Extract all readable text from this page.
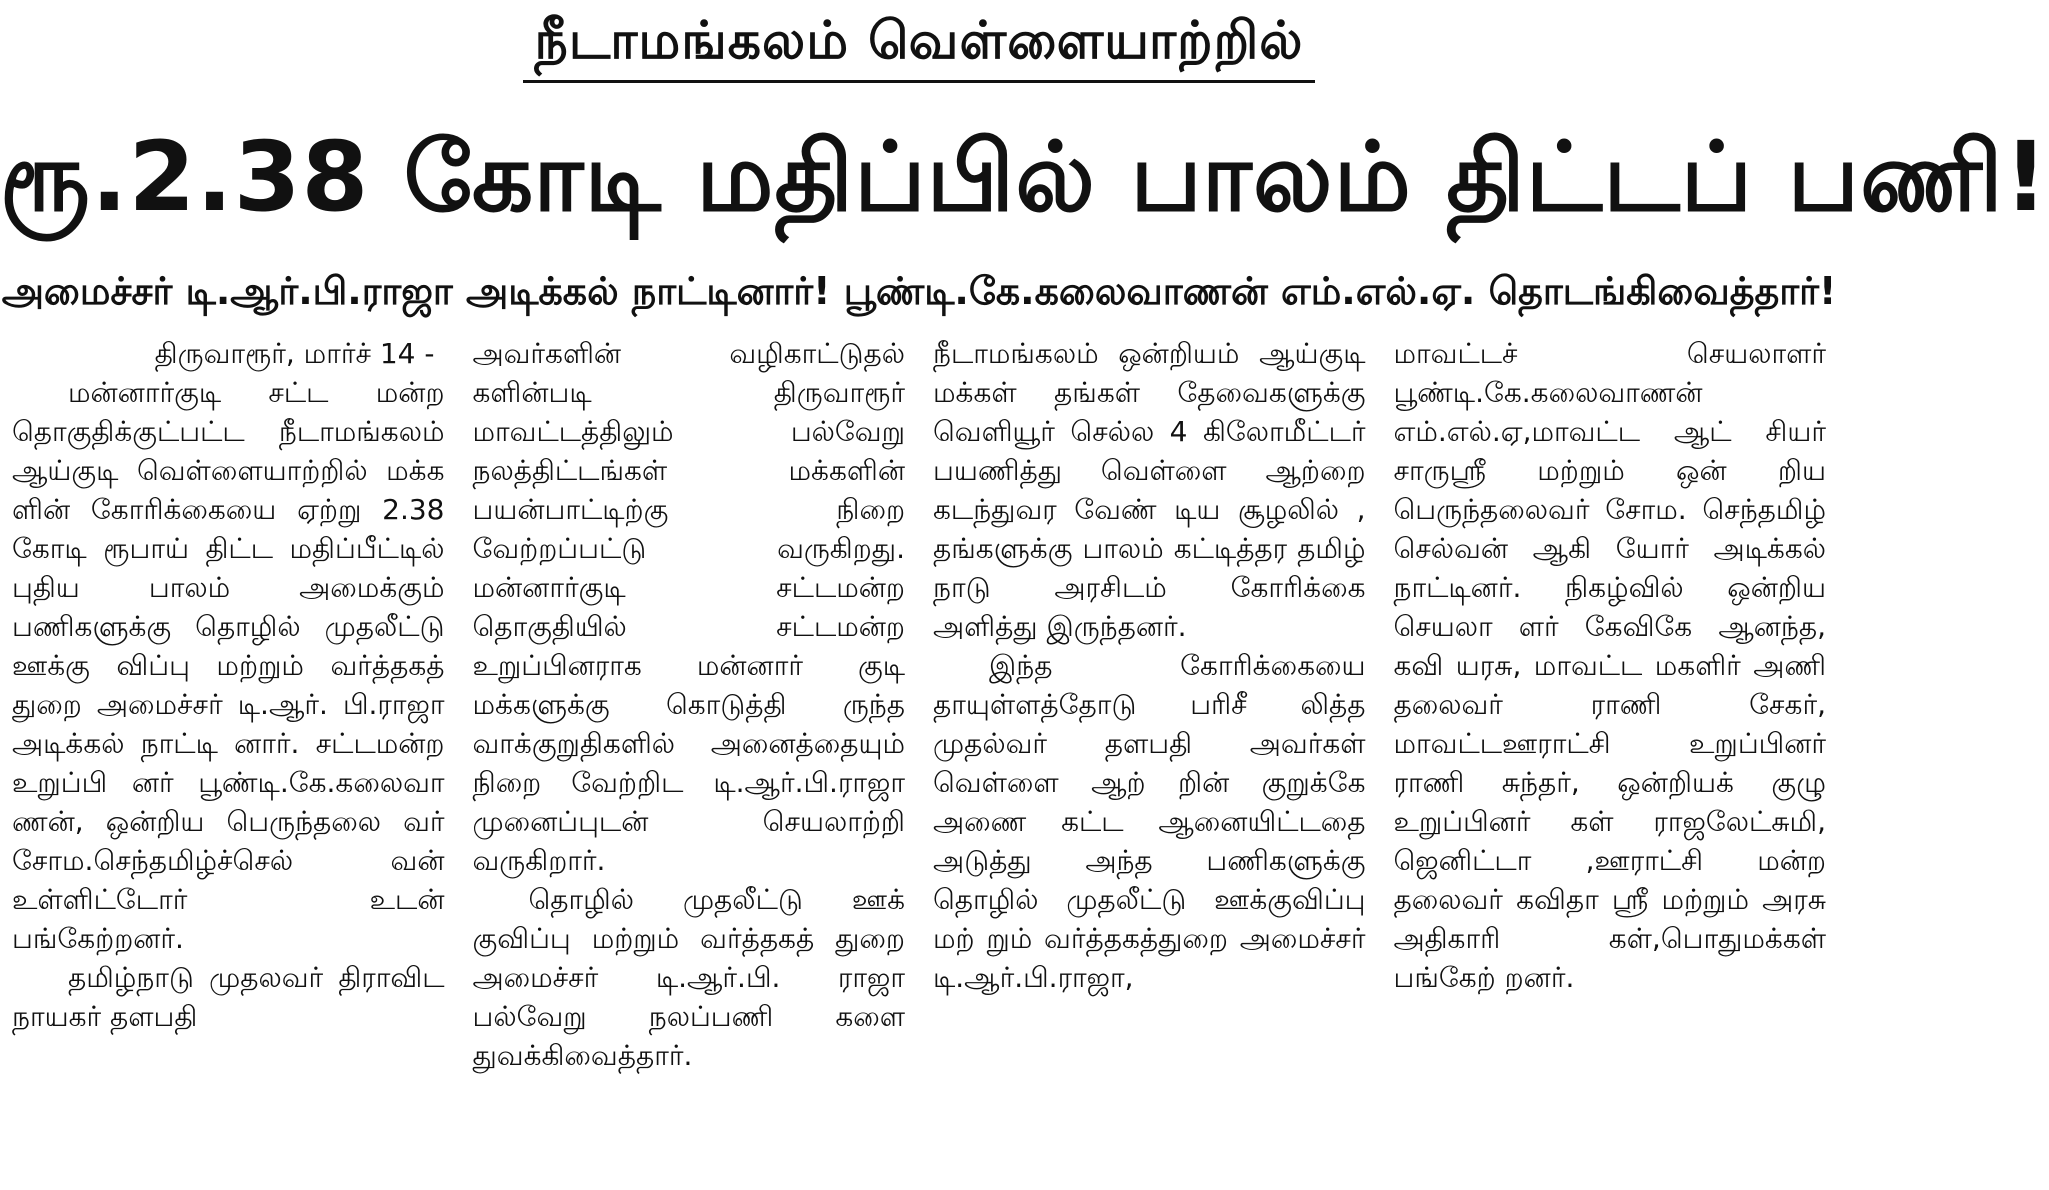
நீடாமங்கலம் வெள்ளையாற்றில்
ரூ.2.38 கோடி மதிப்பில் பாலம் திட்டப் பணி!
அமைச்சர் டி.ஆர்.பி.ராஜா அடிக்கல் நாட்டினார்! பூண்டி.கே.கலைவாணன் எம்.எல்.ஏ. தொடங்கிவைத்தார்!

திருவாரூர், மார்ச் 14 -

மன்னார்குடி சட்ட மன்ற தொகுதிக்குட்பட்ட நீடாமங்கலம் ஆய்குடி வெள்ளையாற்றில் மக்க ளின் கோரிக்கையை ஏற்று 2.38 கோடி ரூபாய் திட்ட மதிப்பீட்டில் புதிய பாலம் அமைக்கும் பணிகளுக்கு தொழில் முதலீட்டு ஊக்கு விப்பு மற்றும் வர்த்தகத் துறை அமைச்சர் டி.ஆர். பி.ராஜா அடிக்கல் நாட்டி னார். சட்டமன்ற உறுப்பி னர் பூண்டி.கே.கலைவா ணன், ஒன்றிய பெருந்தலை வர் சோம.செந்தமிழ்ச்செல் வன் உள்ளிட்டோர் உடன் பங்கேற்றனர்.

தமிழ்நாடு முதலவர் திராவிட நாயகர் தளபதி

அவர்களின் வழிகாட்டுதல் களின்படி திருவாரூர் மாவட்டத்திலும் பல்வேறு நலத்திட்டங்கள் மக்களின் பயன்பாட்டிற்கு நிறை வேற்றப்பட்டு வருகிறது. மன்னார்குடி சட்டமன்ற தொகுதியில் சட்டமன்ற உறுப்பினராக மன்னார் குடி மக்களுக்கு கொடுத்தி ருந்த வாக்குறுதிகளில் அனைத்தையும் நிறை வேற்றிட டி.ஆர்.பி.ராஜா முனைப்புடன் செயலாற்றி வருகிறார்.

தொழில் முதலீட்டு ஊக் குவிப்பு மற்றும் வர்த்தகத் துறை அமைச்சர் டி.ஆர்.பி. ராஜா பல்வேறு நலப்பணி களை துவக்கிவைத்தார்.

நீடாமங்கலம் ஒன்றியம் ஆய்குடி மக்கள் தங்கள் தேவைகளுக்கு வெளியூர் செல்ல 4 கிலோமீட்டர் பயணித்து வெள்ளை ஆற்றை கடந்துவர வேண் டிய சூழலில் , தங்களுக்கு பாலம் கட்டித்தர தமிழ் நாடு அரசிடம் கோரிக்கை அளித்து இருந்தனர்.

இந்த கோரிக்கையை தாயுள்ளத்தோடு பரிசீ லித்த முதல்வர் தளபதி அவர்கள் வெள்ளை ஆற் றின் குறுக்கே அணை கட்ட ஆனையிட்டதை அடுத்து அந்த பணிகளுக்கு தொழில் முதலீட்டு ஊக்குவிப்பு மற் றும் வர்த்தகத்துறை அமைச்சர் டி.ஆர்.பி.ராஜா,

மாவட்டச் செயலாளர் பூண்டி.கே.கலைவாணன் எம்.எல்.ஏ,மாவட்ட ஆட் சியர் சாருஸ்ரீ மற்றும் ஒன் றிய பெருந்தலைவர் சோம. செந்தமிழ் செல்வன் ஆகி யோர் அடிக்கல் நாட்டினர். நிகழ்வில் ஒன்றிய செயலா ளர் கேவிகே ஆனந்த, கவி யரசு, மாவட்ட மகளிர் அணி தலைவர் ராணி சேகர், மாவட்டஊராட்சி உறுப்பினர் ராணி சுந்தர், ஒன்றியக் குழு உறுப்பினர் கள் ராஜலேட்சுமி, ஜெனிட்டா ,ஊராட்சி மன்ற தலைவர் கவிதா ஸ்ரீ மற்றும் அரசு அதிகாரி கள்,பொதுமக்கள் பங்கேற் றனர்.
